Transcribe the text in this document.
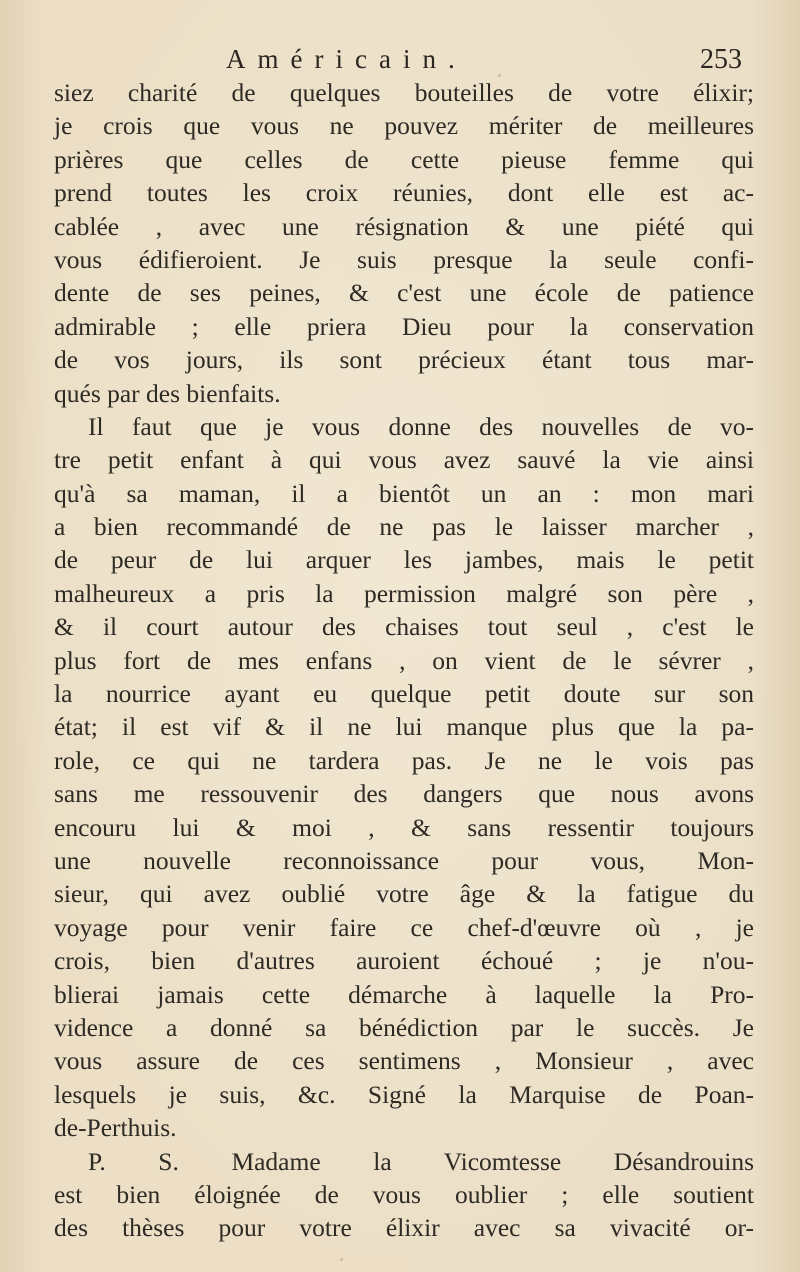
Américain.	253
siez charité de quelques bouteilles de votre élixir;
je crois que vous ne pouvez mériter de meilleures
prières que celles de cette pieuse femme qui
prend toutes les croix réunies, dont elle est ac-
cablée , avec une résignation & une piété qui
vous édifieroient. Je suis presque la seule confi-
dente de ses peines, & c'est une école de patience
admirable ; elle priera Dieu pour la conservation
de vos jours, ils sont précieux étant tous mar-
qués par des bienfaits.
Il faut que je vous donne des nouvelles de vo-
tre petit enfant à qui vous avez sauvé la vie ainsi
qu'à sa maman, il a bientôt un an : mon mari
a bien recommandé de ne pas le laisser marcher ,
de peur de lui arquer les jambes, mais le petit
malheureux a pris la permission malgré son père ,
& il court autour des chaises tout seul , c'est le
plus fort de mes enfans , on vient de le sévrer ,
la nourrice ayant eu quelque petit doute sur son
état; il est vif & il ne lui manque plus que la pa-
role, ce qui ne tardera pas. Je ne le vois pas
sans me ressouvenir des dangers que nous avons
encouru lui & moi , & sans ressentir toujours
une nouvelle reconnoissance pour vous, Mon-
sieur, qui avez oublié votre âge & la fatigue du
voyage pour venir faire ce chef-d'œuvre où , je
crois, bien d'autres auroient échoué ; je n'ou-
blierai jamais cette démarche à laquelle la Pro-
vidence a donné sa bénédiction par le succès. Je
vous assure de ces sentimens , Monsieur , avec
lesquels je suis, &c. Signé la Marquise de Poan-
de-Perthuis.
P. S. Madame la Vicomtesse Désandrouins
est bien éloignée de vous oublier ; elle soutient
des thèses pour votre élixir avec sa vivacité or-
